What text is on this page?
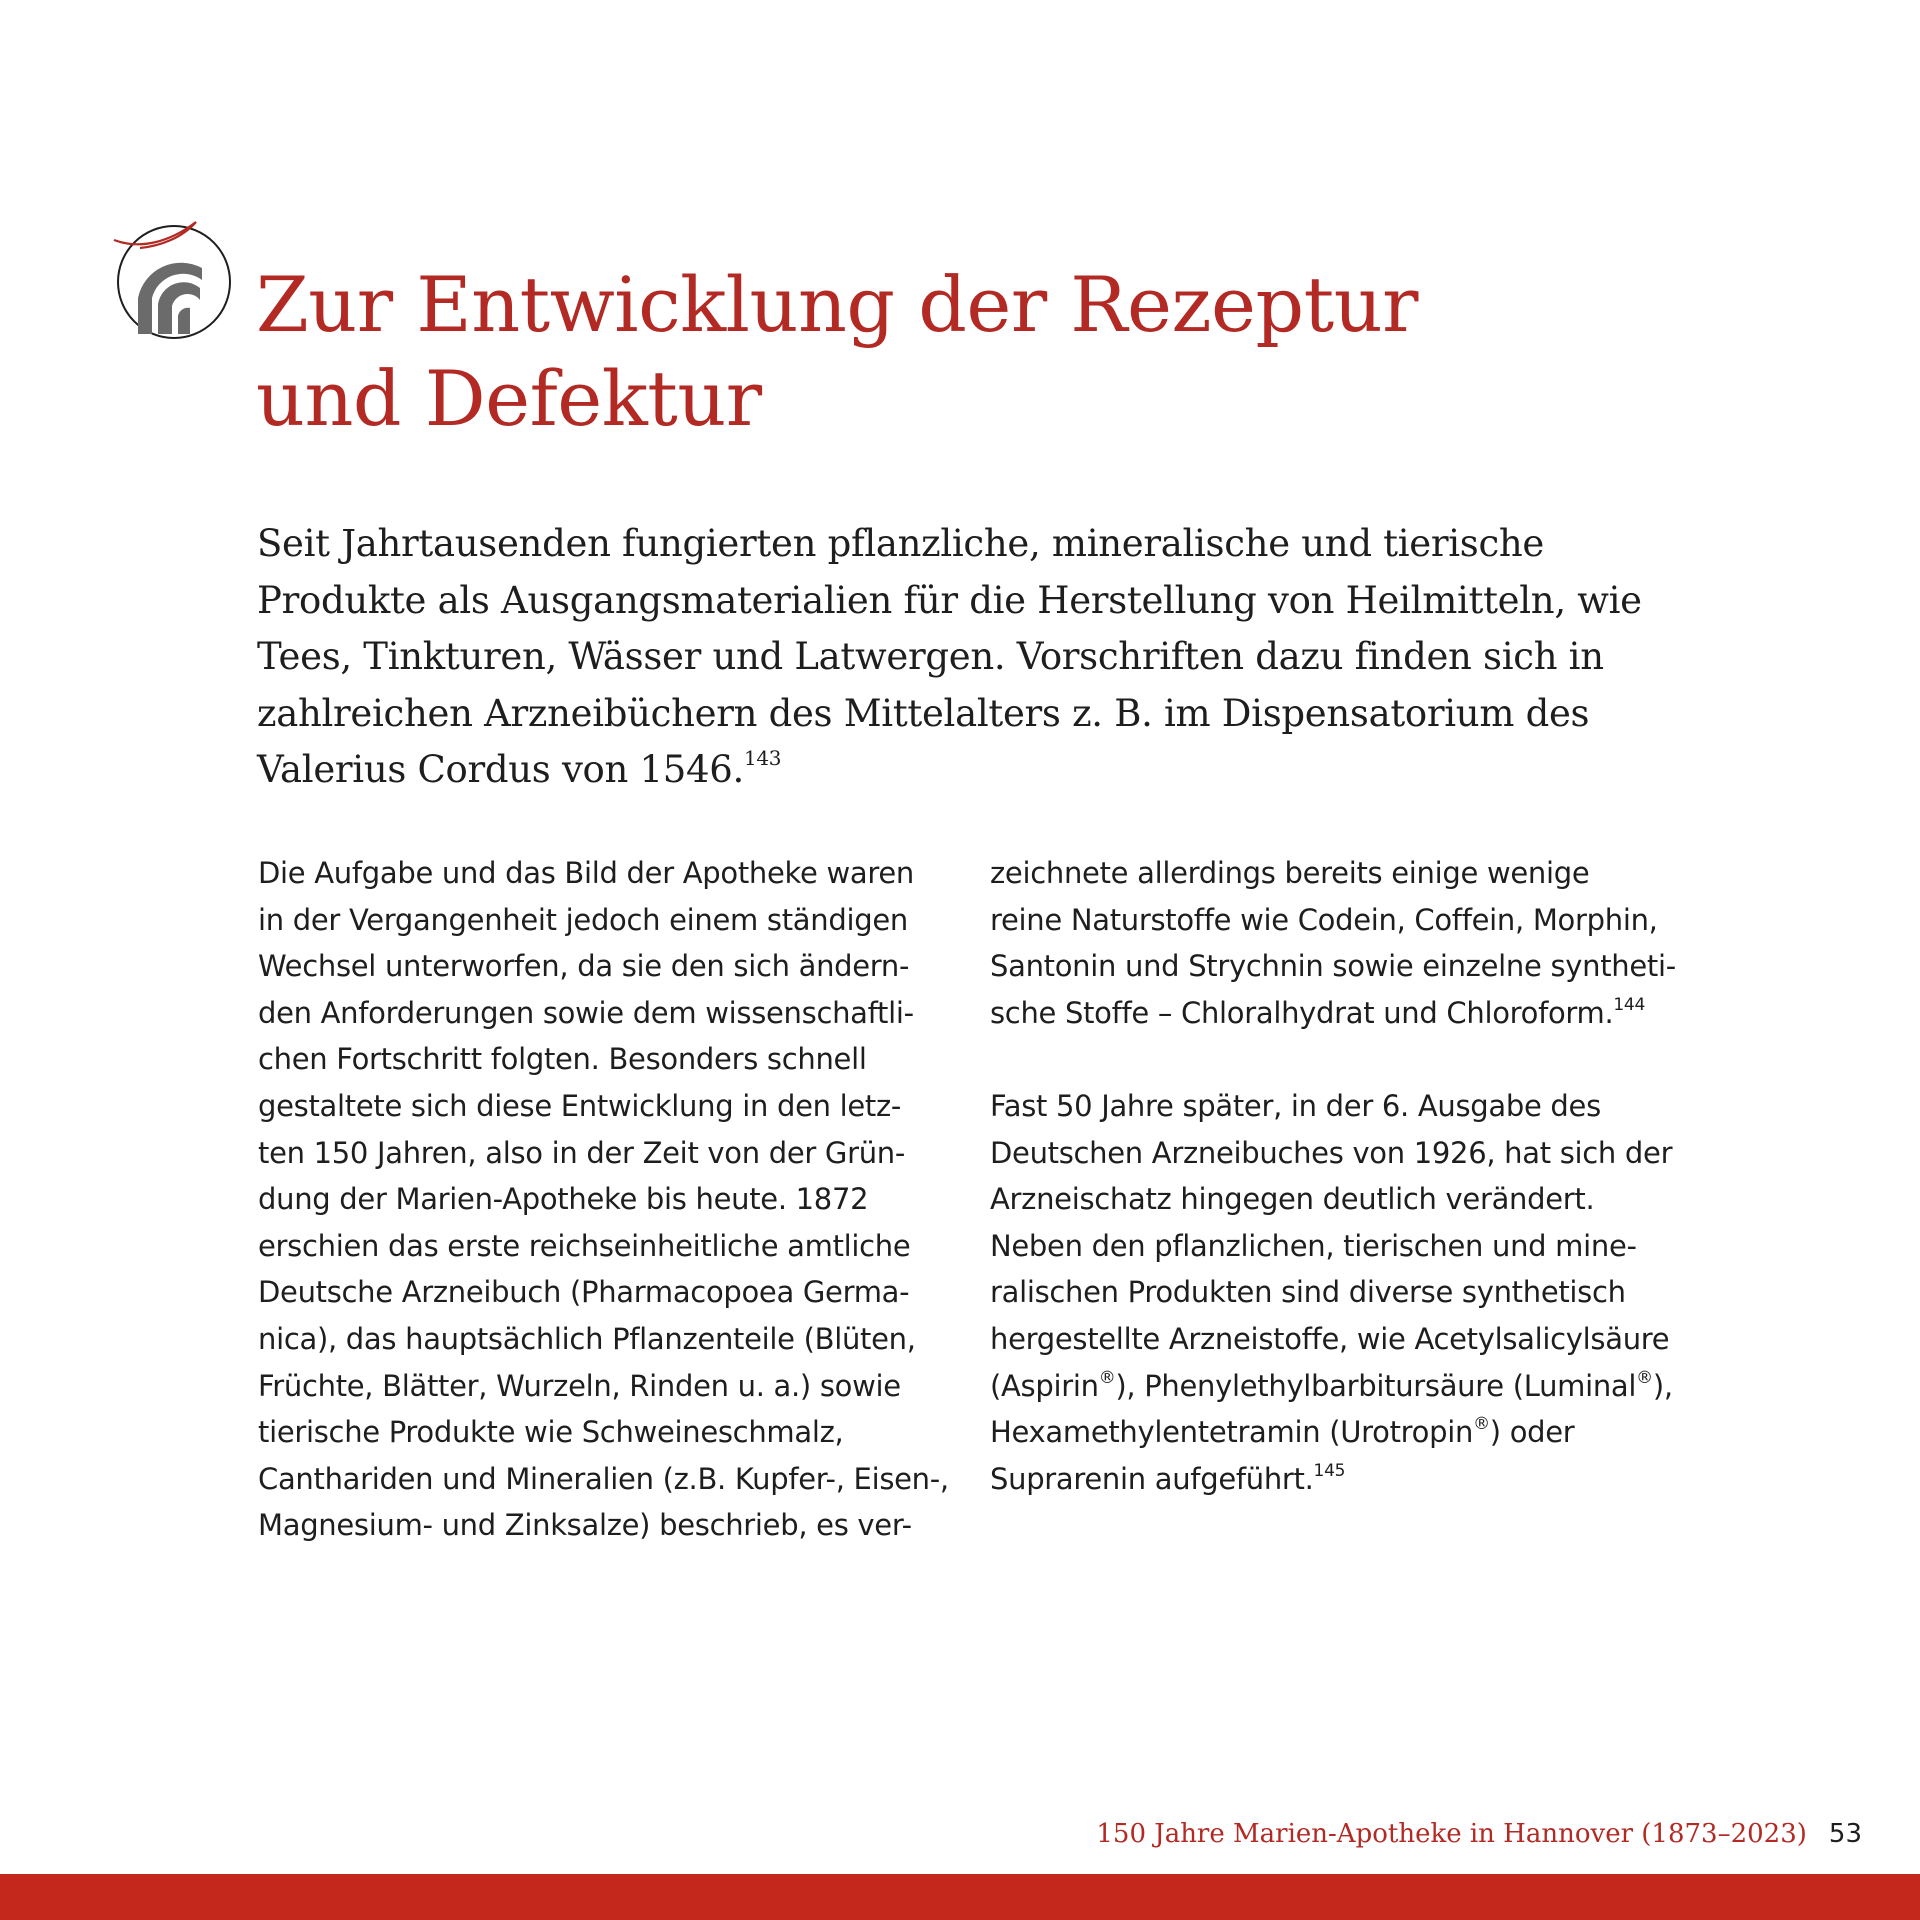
Zur Entwicklung der Rezeptur
und Defektur

Seit Jahrtausenden fungierten pflanzliche, mineralische und tierische
Produkte als Ausgangsmaterialien für die Herstellung von Heilmitteln, wie
Tees, Tinkturen, Wässer und Latwergen. Vorschriften dazu finden sich in
zahlreichen Arzneibüchern des Mittelalters z. B. im Dispensatorium des
Valerius Cordus von 1546.$^{143}$

Die Aufgabe und das Bild der Apotheke waren
in der Vergangenheit jedoch einem ständigen
Wechsel unterworfen, da sie den sich ändern-
den Anforderungen sowie dem wissenschaftli-
chen Fortschritt folgten. Besonders schnell
gestaltete sich diese Entwicklung in den letz-
ten 150 Jahren, also in der Zeit von der Grün-
dung der Marien-Apotheke bis heute. 1872
erschien das erste reichseinheitliche amtliche
Deutsche Arzneibuch (Pharmacopoea Germa-
nica), das hauptsächlich Pflanzenteile (Blüten,
Früchte, Blätter, Wurzeln, Rinden u. a.) sowie
tierische Produkte wie Schweineschmalz,
Canthariden und Mineralien (z.B. Kupfer-, Eisen-,
Magnesium- und Zinksalze) beschrieb, es ver-
zeichnete allerdings bereits einige wenige
reine Naturstoffe wie Codein, Coffein, Morphin,
Santonin und Strychnin sowie einzelne syntheti-
sche Stoffe – Chloralhydrat und Chloroform.$^{144}$
Fast 50 Jahre später, in der 6. Ausgabe des
Deutschen Arzneibuches von 1926, hat sich der
Arzneischatz hingegen deutlich verändert.
Neben den pflanzlichen, tierischen und mine-
ralischen Produkten sind diverse synthetisch
hergestellte Arzneistoffe, wie Acetylsalicylsäure
(Aspirin®), Phenylethylbarbitursäure (Luminal®),
Hexamethylentetramin (Urotropin®) oder
Suprarenin aufgeführt.$^{145}$
150 Jahre Marien-Apotheke in Hannover (1873–2023) 53
